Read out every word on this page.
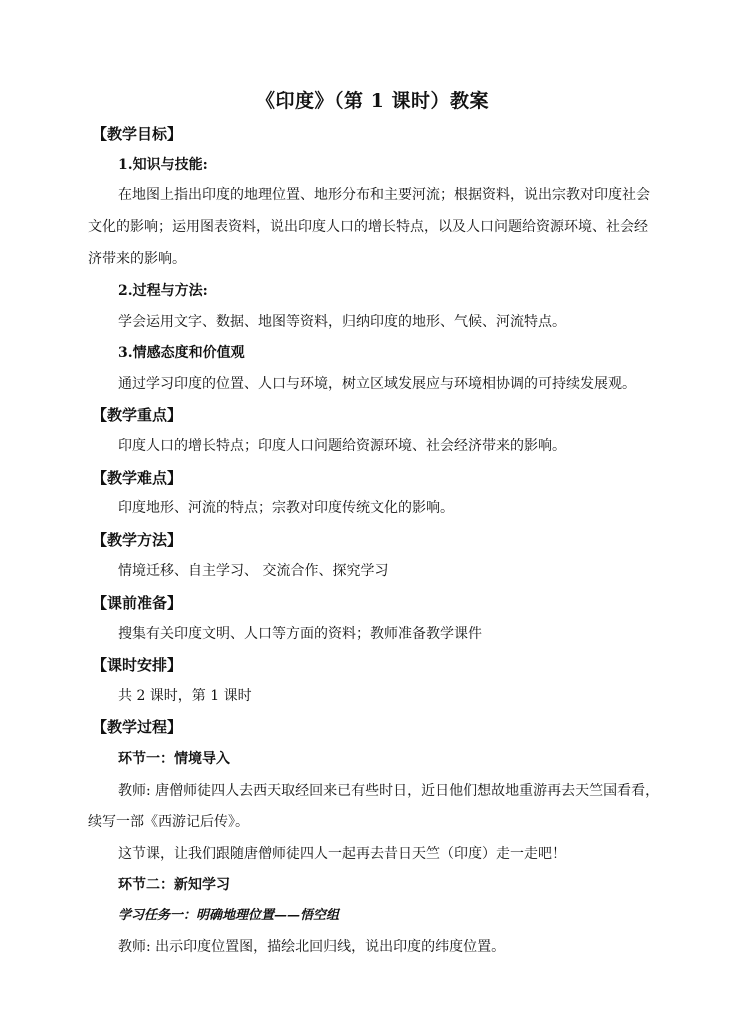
《印度》（第 1 课时）教案
【教学目标】
1.知识与技能:
在地图上指出印度的地理位置、地形分布和主要河流；根据资料，说出宗教对印度社会
文化的影响；运用图表资料，说出印度人口的增长特点，以及人口问题给资源环境、社会经
济带来的影响。
2.过程与方法:
学会运用文字、数据、地图等资料，归纳印度的地形、气候、河流特点。
3.情感态度和价值观
通过学习印度的位置、人口与环境，树立区域发展应与环境相协调的可持续发展观。
【教学重点】
印度人口的增长特点；印度人口问题给资源环境、社会经济带来的影响。
【教学难点】
印度地形、河流的特点；宗教对印度传统文化的影响。
【教学方法】
情境迁移、自主学习、 交流合作、探究学习
【课前准备】
搜集有关印度文明、人口等方面的资料；教师准备教学课件
【课时安排】
共 2 课时，第 1 课时
【教学过程】
环节一：情境导入
教师: 唐僧师徒四人去西天取经回来已有些时日，近日他们想故地重游再去天竺国看看，
续写一部《西游记后传》。
这节课，让我们跟随唐僧师徒四人一起再去昔日天竺（印度）走一走吧！
环节二：新知学习
学习任务一：明确地理位置——悟空组
教师: 出示印度位置图，描绘北回归线，说出印度的纬度位置。
